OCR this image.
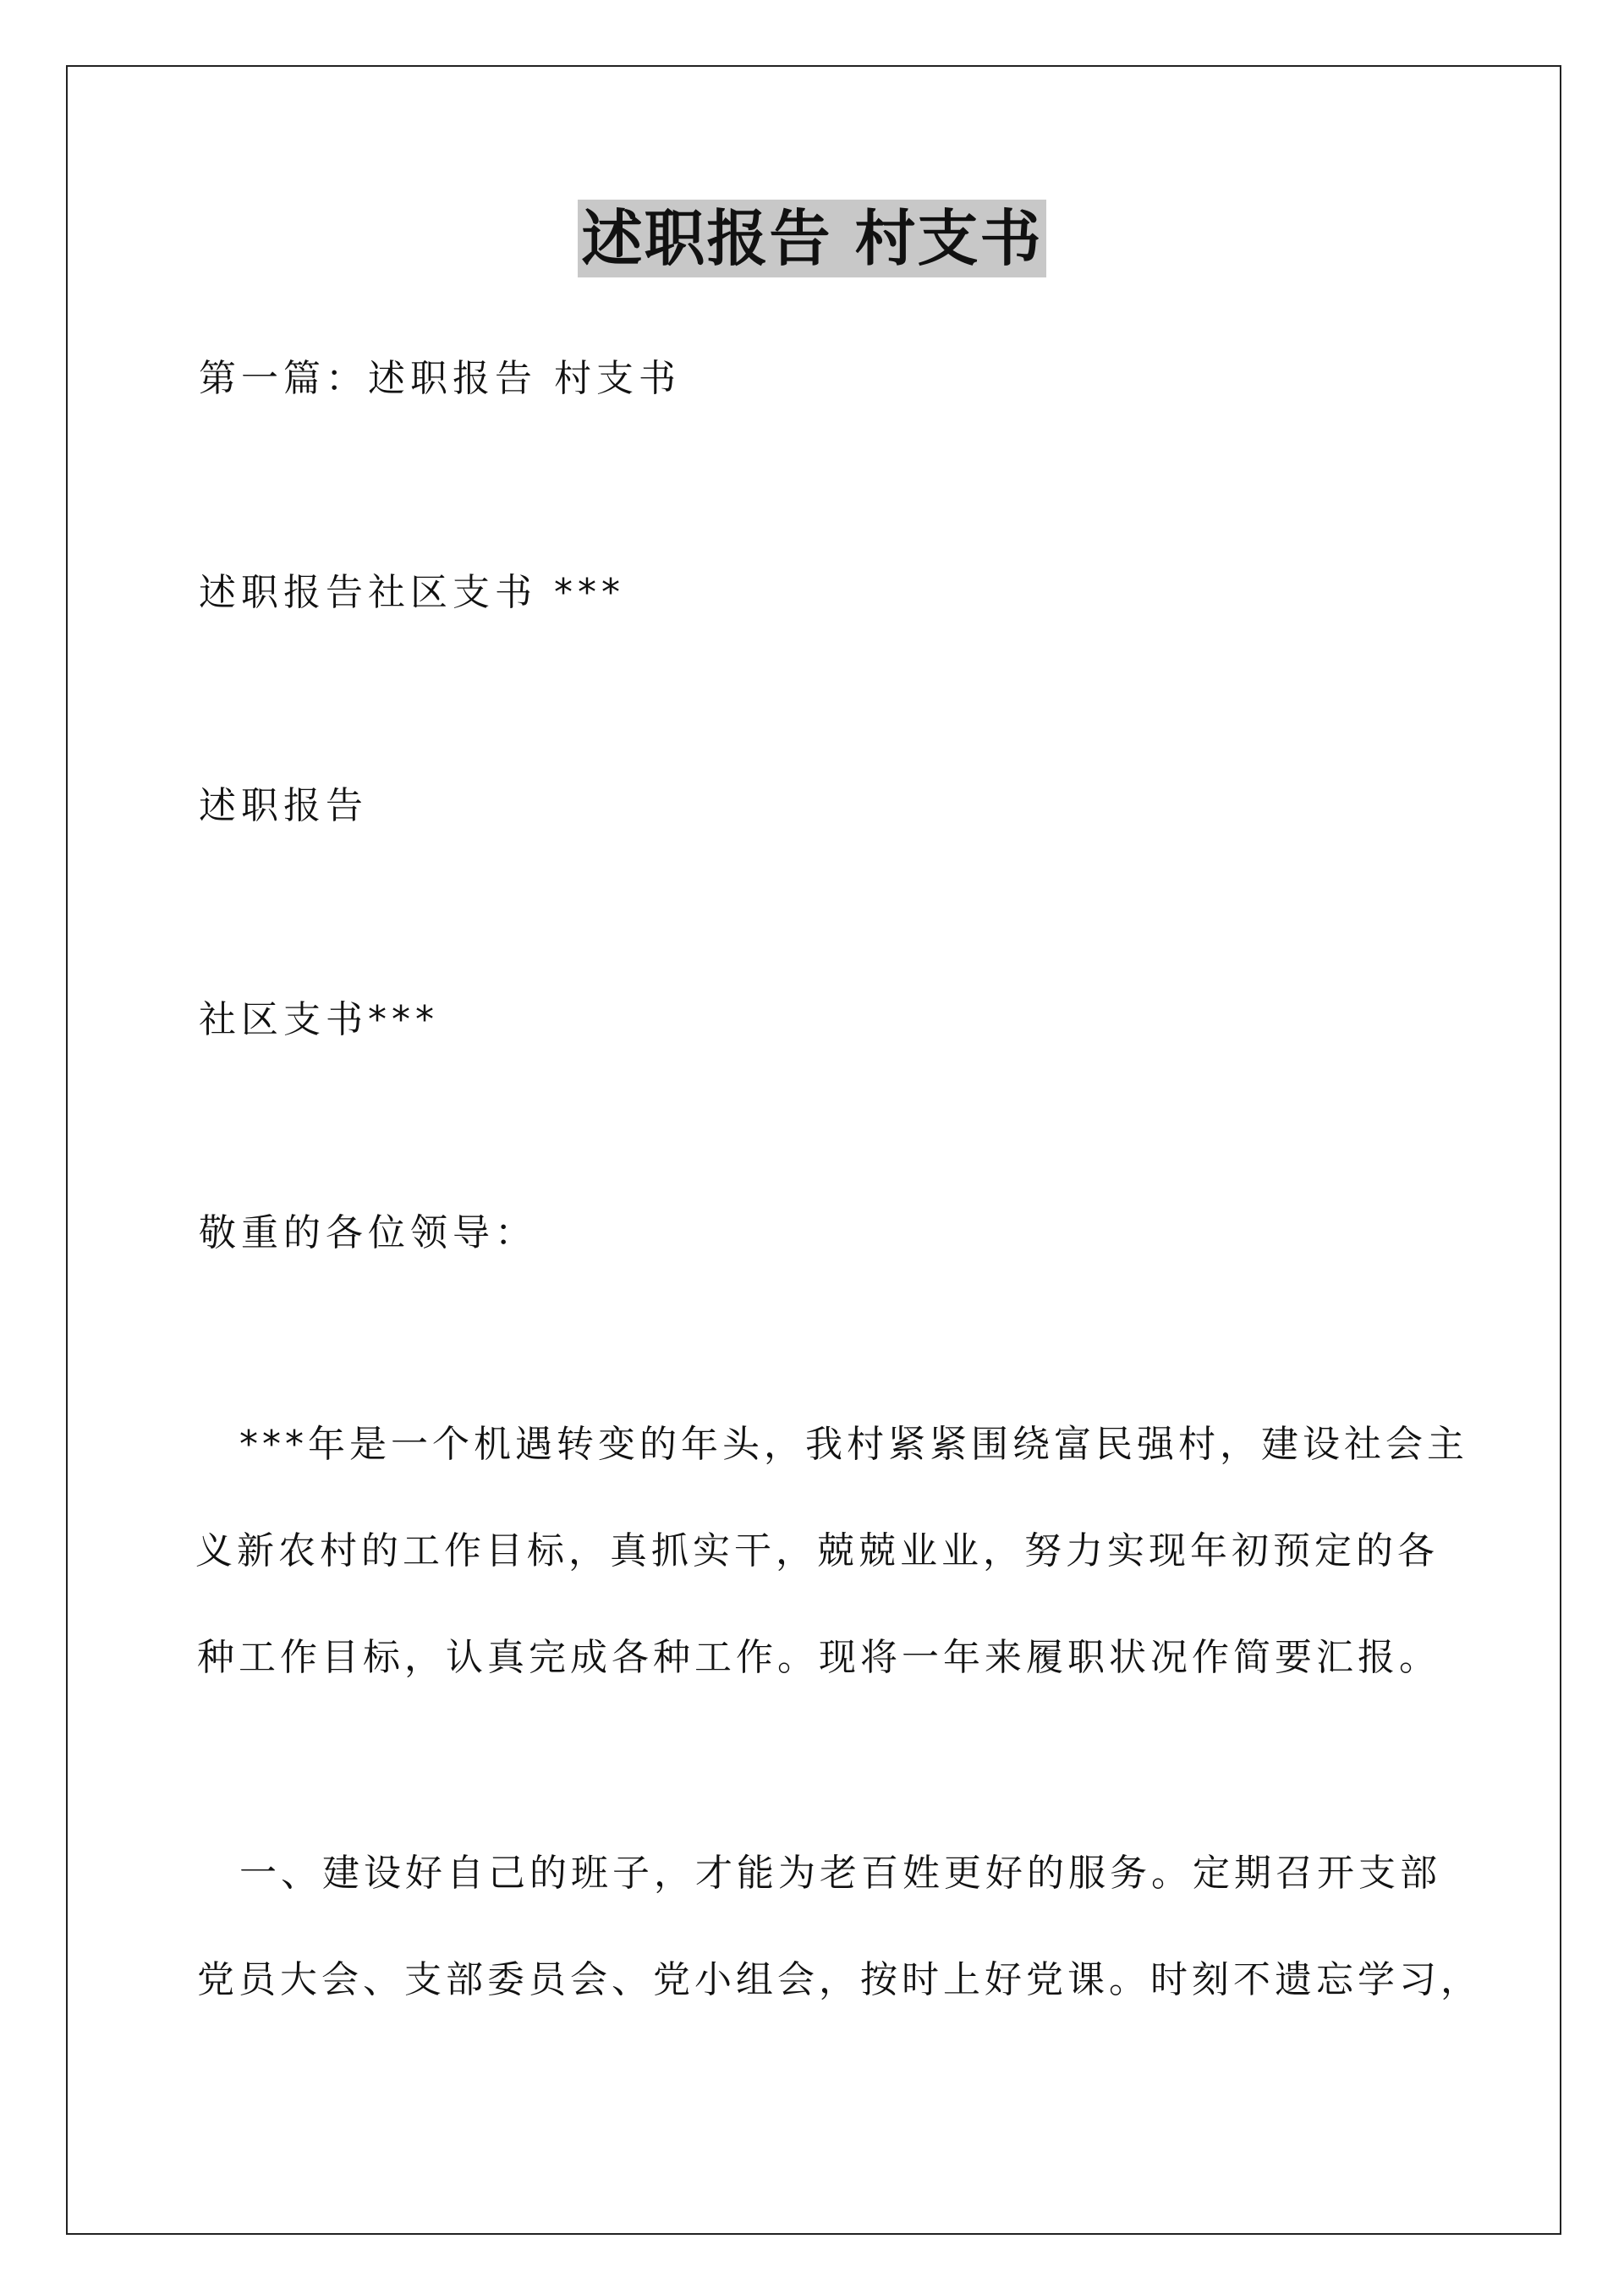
述职报告 村支书
第一篇：述职报告 村支书
述职报告社区支书 ***
述职报告
社区支书***
敬重的各位领导：
***年是一个机遇转变的年头，我村紧紧围绕富民强村，建设社会主
义新农村的工作目标，真抓实干，兢兢业业，努力实现年初预定的各
种工作目标，认真完成各种工作。现将一年来履职状况作简要汇报。
一、建设好自己的班子，才能为老百姓更好的服务。定期召开支部
党员大会、支部委员会、党小组会，按时上好党课。时刻不遗忘学习，
